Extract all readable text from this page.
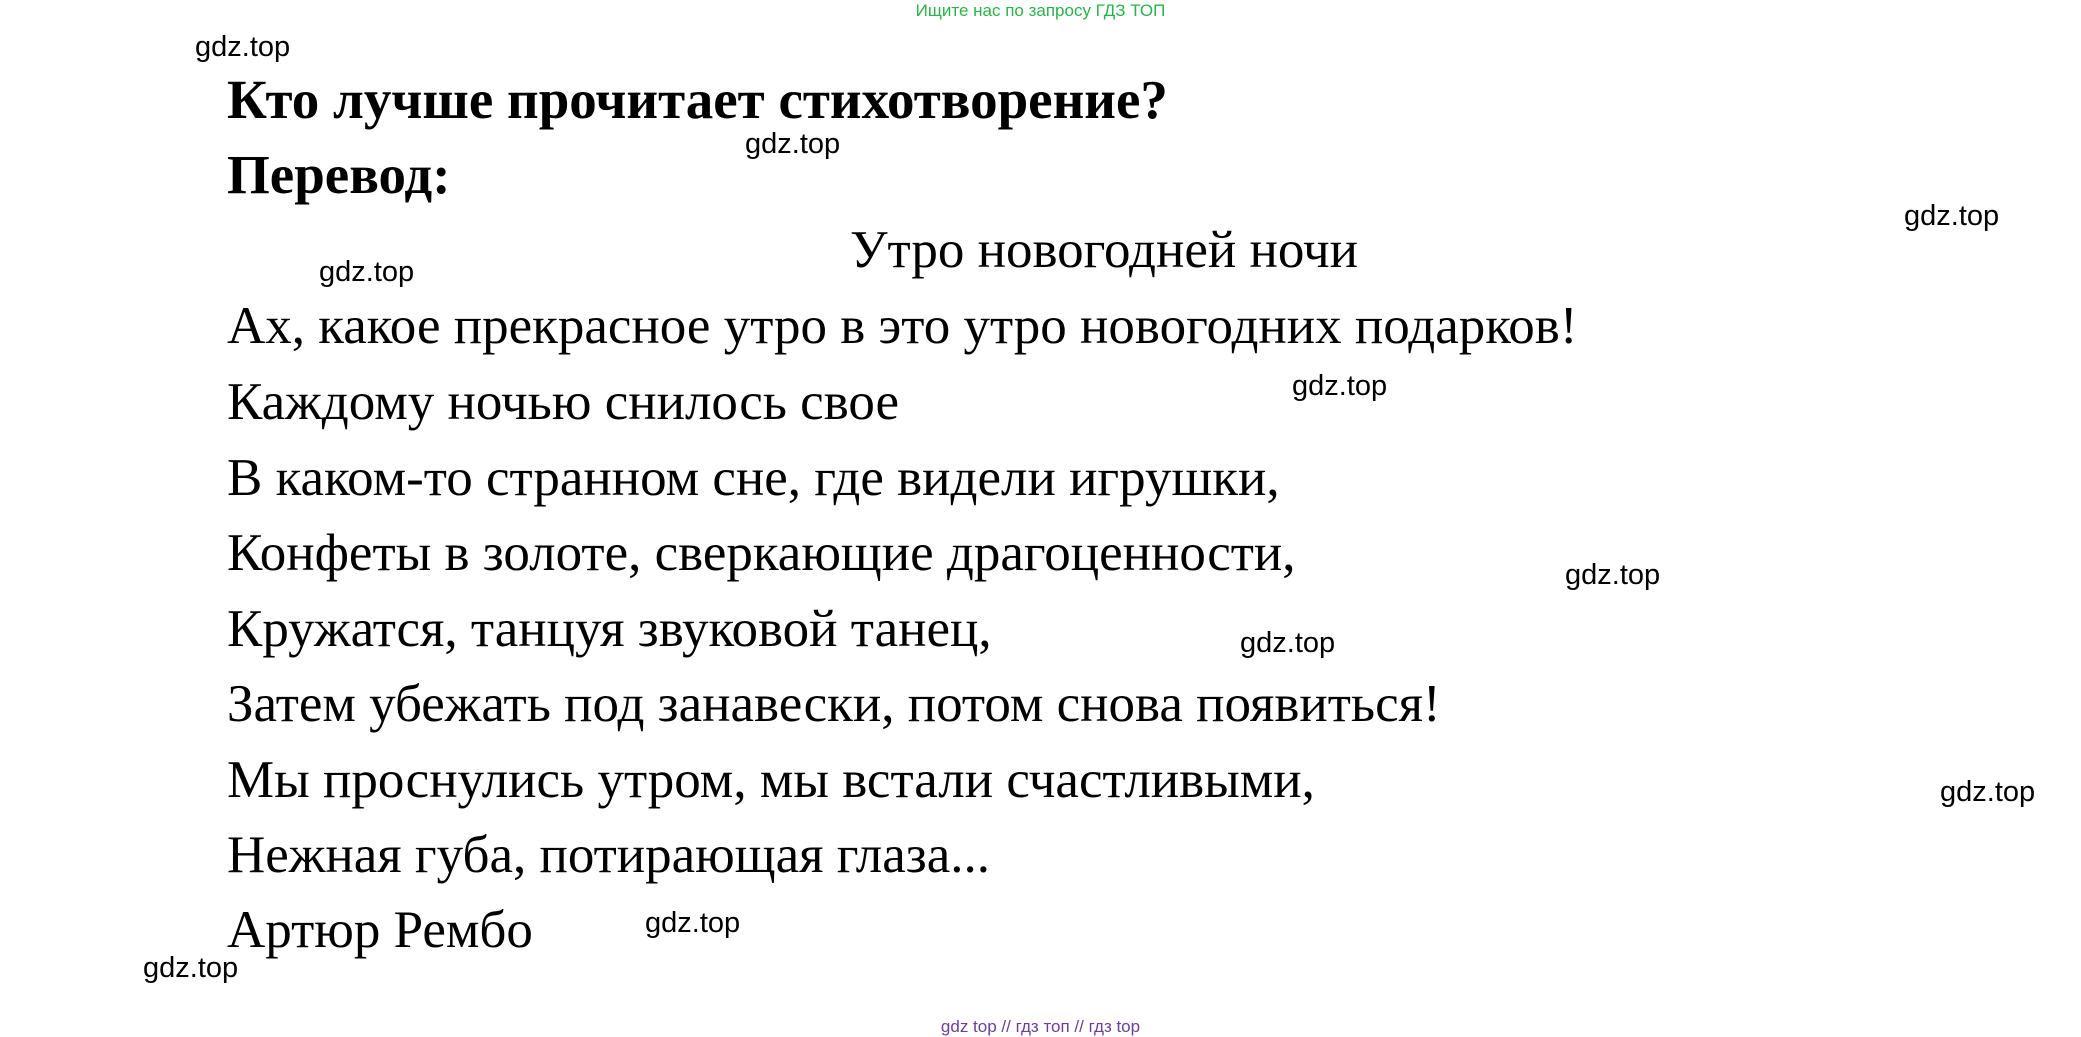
Ищите нас по запросу ГДЗ ТОП
Кто лучше прочитает стихотворение?
Перевод:
Утро новогодней ночи
Ах, какое прекрасное утро в это утро новогодних подарков!
Каждому ночью снилось свое
В каком-то странном сне, где видели игрушки,
Конфеты в золоте, сверкающие драгоценности,
Кружатся, танцуя звуковой танец,
Затем убежать под занавески, потом снова появиться!
Мы проснулись утром, мы встали счастливыми,
Нежная губа, потирающая глаза...
Артюр Рембо
gdz.top
gdz.top
gdz.top
gdz.top
gdz.top
gdz.top
gdz.top
gdz.top
gdz.top
gdz.top
gdz top // гдз топ // гдз top
